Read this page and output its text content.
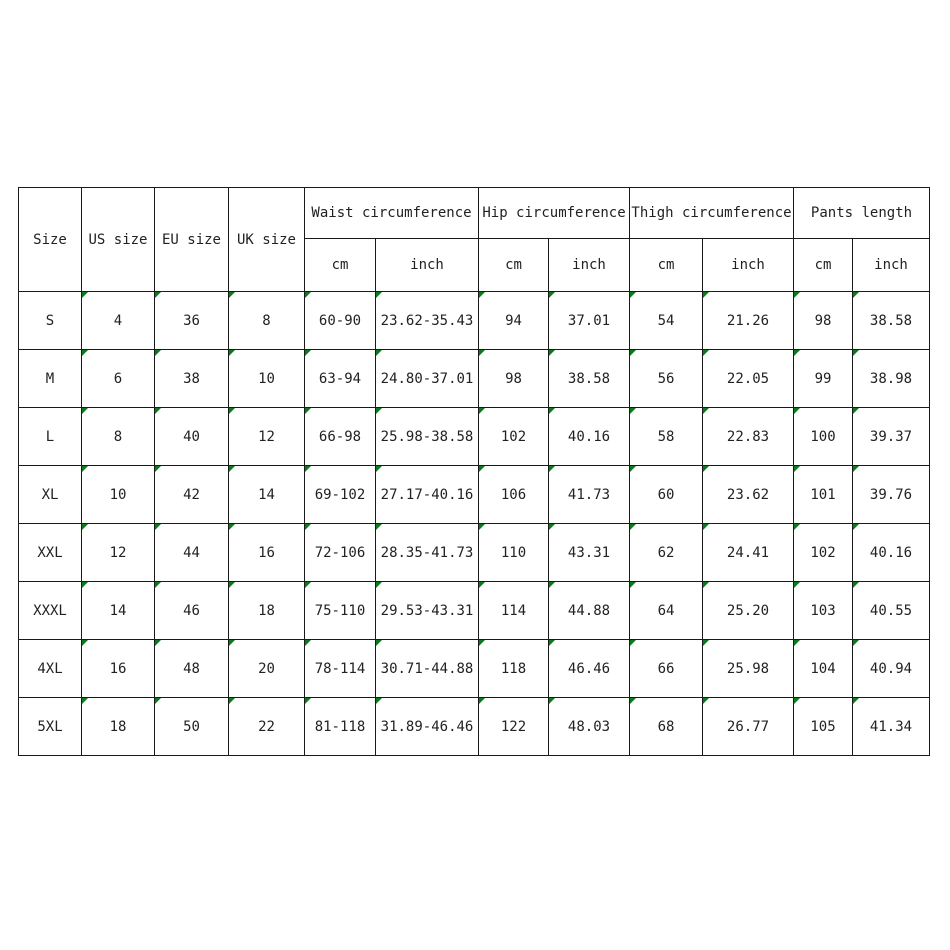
Size	US size	EU size	UK size	Waist circumference		Hip circumference		Thigh circumference		Pants length	
				cm	inch	cm	inch	cm	inch	cm	inch
S	4	36	8	60-90	23.62-35.43	94	37.01	54	21.26	98	38.58
M	6	38	10	63-94	24.80-37.01	98	38.58	56	22.05	99	38.98
L	8	40	12	66-98	25.98-38.58	102	40.16	58	22.83	100	39.37
XL	10	42	14	69-102	27.17-40.16	106	41.73	60	23.62	101	39.76
XXL	12	44	16	72-106	28.35-41.73	110	43.31	62	24.41	102	40.16
XXXL	14	46	18	75-110	29.53-43.31	114	44.88	64	25.20	103	40.55
4XL	16	48	20	78-114	30.71-44.88	118	46.46	66	25.98	104	40.94
5XL	18	50	22	81-118	31.89-46.46	122	48.03	68	26.77	105	41.34
